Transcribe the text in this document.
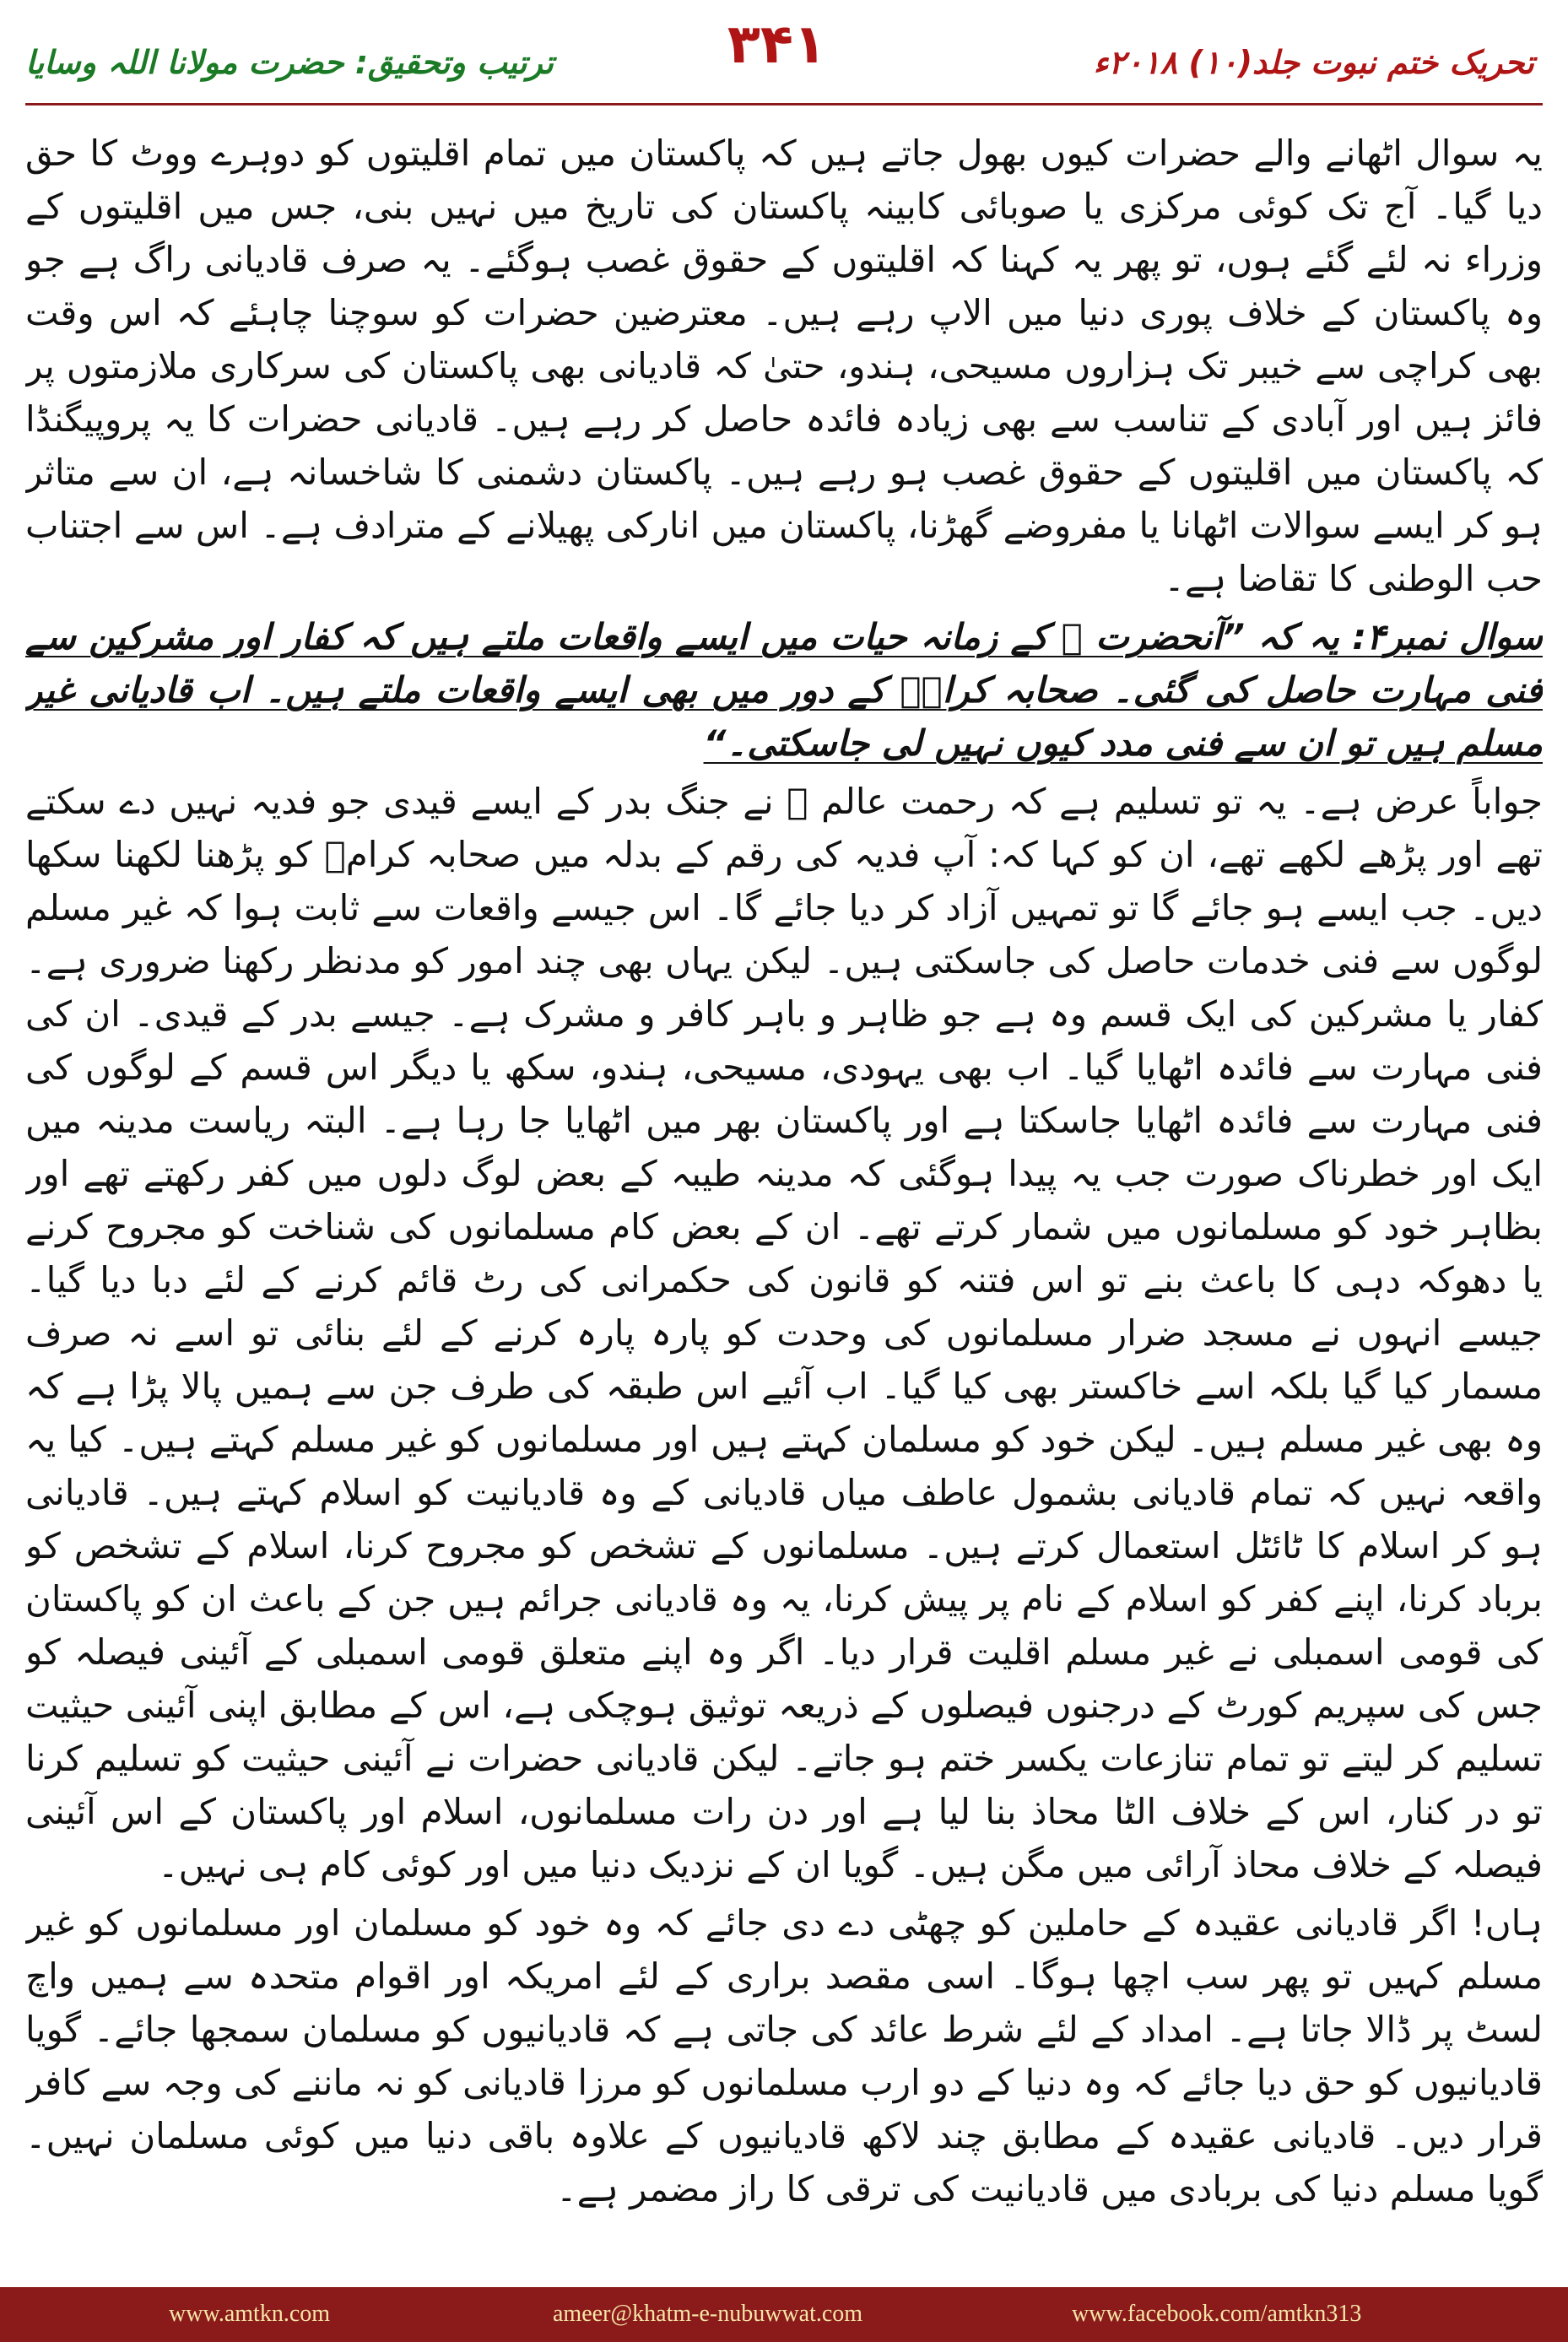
تحریک ختم نبوت جلد(۱۰) ۲۰۱۸ء
۳۴۱
ترتیب وتحقیق: حضرت مولانا اللہ وسایا

یہ سوال اٹھانے والے حضرات کیوں بھول جاتے ہیں کہ پاکستان میں تمام اقلیتوں کو دوہرے ووٹ کا حق دیا گیا۔ آج تک کوئی مرکزی یا صوبائی کابینہ پاکستان کی تاریخ میں نہیں بنی، جس میں اقلیتوں کے وزراء نہ لئے گئے ہوں، تو پھر یہ کہنا کہ اقلیتوں کے حقوق غصب ہوگئے۔ یہ صرف قادیانی راگ ہے جو وہ پاکستان کے خلاف پوری دنیا میں الاپ رہے ہیں۔ معترضین حضرات کو سوچنا چاہئے کہ اس وقت بھی کراچی سے خیبر تک ہزاروں مسیحی، ہندو، حتیٰ کہ قادیانی بھی پاکستان کی سرکاری ملازمتوں پر فائز ہیں اور آبادی کے تناسب سے بھی زیادہ فائدہ حاصل کر رہے ہیں۔ قادیانی حضرات کا یہ پروپیگنڈا کہ پاکستان میں اقلیتوں کے حقوق غصب ہو رہے ہیں۔ پاکستان دشمنی کا شاخسانہ ہے، ان سے متاثر ہو کر ایسے سوالات اٹھانا یا مفروضے گھڑنا، پاکستان میں انارکی پھیلانے کے مترادف ہے۔ اس سے اجتناب حب الوطنی کا تقاضا ہے۔

سوال نمبر۴: یہ کہ ”آنحضرت ﷺ کے زمانہ حیات میں ایسے واقعات ملتے ہیں کہ کفار اور مشرکین سے فنی مہارت حاصل کی گئی۔ صحابہ کرامؓ کے دور میں بھی ایسے واقعات ملتے ہیں۔ اب قادیانی غیر مسلم ہیں تو ان سے فنی مدد کیوں نہیں لی جاسکتی۔“

جواباً عرض ہے۔ یہ تو تسلیم ہے کہ رحمت عالم ﷺ نے جنگ بدر کے ایسے قیدی جو فدیہ نہیں دے سکتے تھے اور پڑھے لکھے تھے، ان کو کہا کہ: آپ فدیہ کی رقم کے بدلہ میں صحابہ کرامؓ کو پڑھنا لکھنا سکھا دیں۔ جب ایسے ہو جائے گا تو تمہیں آزاد کر دیا جائے گا۔ اس جیسے واقعات سے ثابت ہوا کہ غیر مسلم لوگوں سے فنی خدمات حاصل کی جاسکتی ہیں۔ لیکن یہاں بھی چند امور کو مدنظر رکھنا ضروری ہے۔ کفار یا مشرکین کی ایک قسم وہ ہے جو ظاہر و باہر کافر و مشرک ہے۔ جیسے بدر کے قیدی۔ ان کی فنی مہارت سے فائدہ اٹھایا گیا۔ اب بھی یہودی، مسیحی، ہندو، سکھ یا دیگر اس قسم کے لوگوں کی فنی مہارت سے فائدہ اٹھایا جاسکتا ہے اور پاکستان بھر میں اٹھایا جا رہا ہے۔ البتہ ریاست مدینہ میں ایک اور خطرناک صورت جب یہ پیدا ہوگئی کہ مدینہ طیبہ کے بعض لوگ دلوں میں کفر رکھتے تھے اور بظاہر خود کو مسلمانوں میں شمار کرتے تھے۔ ان کے بعض کام مسلمانوں کی شناخت کو مجروح کرنے یا دھوکہ دہی کا باعث بنے تو اس فتنہ کو قانون کی حکمرانی کی رٹ قائم کرنے کے لئے دبا دیا گیا۔ جیسے انہوں نے مسجد ضرار مسلمانوں کی وحدت کو پارہ پارہ کرنے کے لئے بنائی تو اسے نہ صرف مسمار کیا گیا بلکہ اسے خاکستر بھی کیا گیا۔ اب آئیے اس طبقہ کی طرف جن سے ہمیں پالا پڑا ہے کہ وہ بھی غیر مسلم ہیں۔ لیکن خود کو مسلمان کہتے ہیں اور مسلمانوں کو غیر مسلم کہتے ہیں۔ کیا یہ واقعہ نہیں کہ تمام قادیانی بشمول عاطف میاں قادیانی کے وہ قادیانیت کو اسلام کہتے ہیں۔ قادیانی ہو کر اسلام کا ٹائٹل استعمال کرتے ہیں۔ مسلمانوں کے تشخص کو مجروح کرنا، اسلام کے تشخص کو برباد کرنا، اپنے کفر کو اسلام کے نام پر پیش کرنا، یہ وہ قادیانی جرائم ہیں جن کے باعث ان کو پاکستان کی قومی اسمبلی نے غیر مسلم اقلیت قرار دیا۔ اگر وہ اپنے متعلق قومی اسمبلی کے آئینی فیصلہ کو جس کی سپریم کورٹ کے درجنوں فیصلوں کے ذریعہ توثیق ہوچکی ہے، اس کے مطابق اپنی آئینی حیثیت تسلیم کر لیتے تو تمام تنازعات یکسر ختم ہو جاتے۔ لیکن قادیانی حضرات نے آئینی حیثیت کو تسلیم کرنا تو در کنار، اس کے خلاف الٹا محاذ بنا لیا ہے اور دن رات مسلمانوں، اسلام اور پاکستان کے اس آئینی فیصلہ کے خلاف محاذ آرائی میں مگن ہیں۔ گویا ان کے نزدیک دنیا میں اور کوئی کام ہی نہیں۔

ہاں! اگر قادیانی عقیدہ کے حاملین کو چھٹی دے دی جائے کہ وہ خود کو مسلمان اور مسلمانوں کو غیر مسلم کہیں تو پھر سب اچھا ہوگا۔ اسی مقصد براری کے لئے امریکہ اور اقوام متحدہ سے ہمیں واچ لسٹ پر ڈالا جاتا ہے۔ امداد کے لئے شرط عائد کی جاتی ہے کہ قادیانیوں کو مسلمان سمجھا جائے۔ گویا قادیانیوں کو حق دیا جائے کہ وہ دنیا کے دو ارب مسلمانوں کو مرزا قادیانی کو نہ ماننے کی وجہ سے کافر قرار دیں۔ قادیانی عقیدہ کے مطابق چند لاکھ قادیانیوں کے علاوہ باقی دنیا میں کوئی مسلمان نہیں۔ گویا مسلم دنیا کی بربادی میں قادیانیت کی ترقی کا راز مضمر ہے۔

www.amtkn.com	ameer@khatm-e-nubuwwat.com	www.facebook.com/amtkn313
